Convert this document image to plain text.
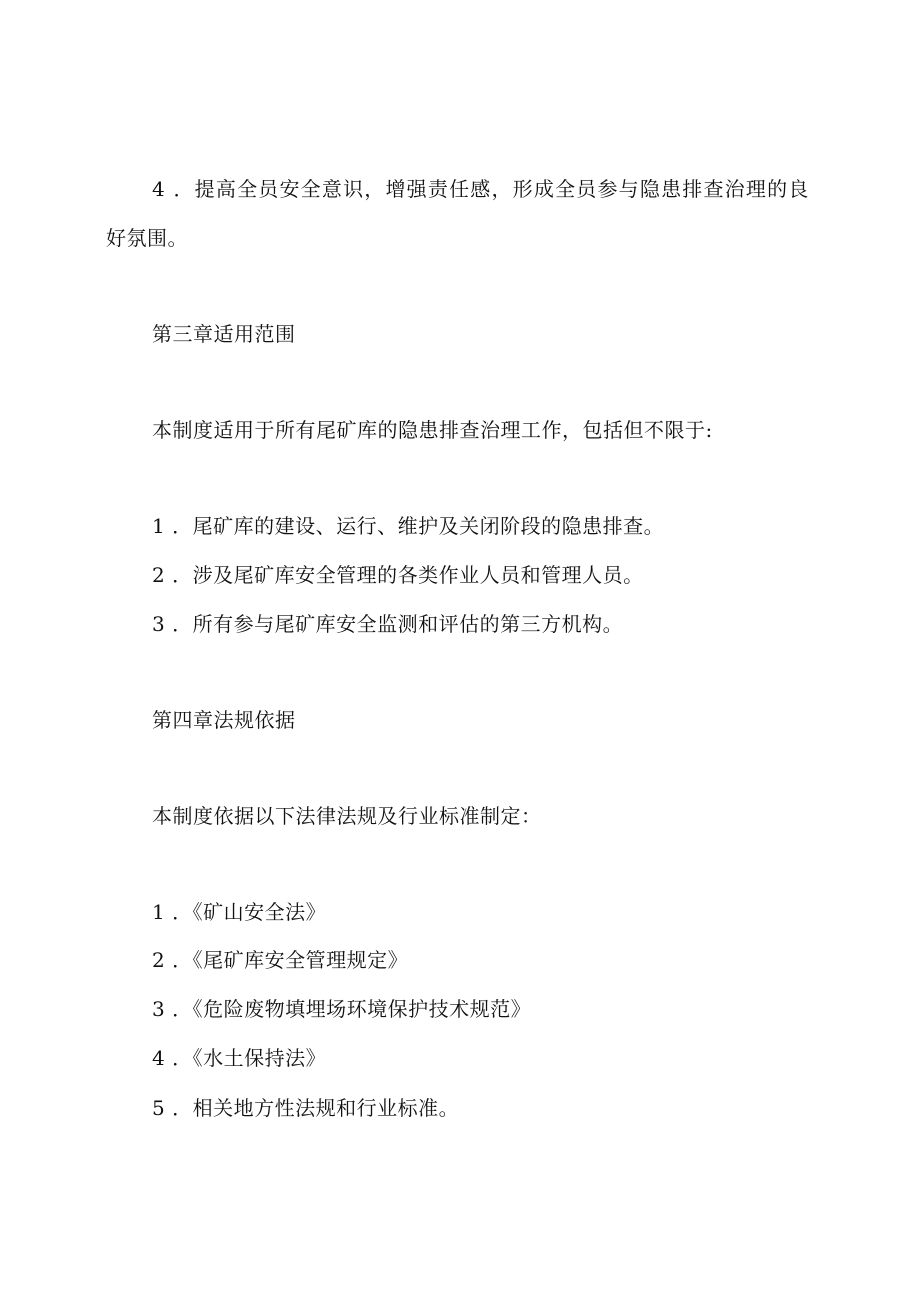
4 ．提高全员安全意识，增强责任感，形成全员参与隐患排查治理的良
好氛围。
第三章适用范围
本制度适用于所有尾矿库的隐患排查治理工作，包括但不限于:
1 ．尾矿库的建设、运行、维护及关闭阶段的隐患排查。
2 ．涉及尾矿库安全管理的各类作业人员和管理人员。
3 ．所有参与尾矿库安全监测和评估的第三方机构。
第四章法规依据
本制度依据以下法律法规及行业标准制定：
1 ．《矿山安全法》
2 ．《尾矿库安全管理规定》
3 ．《危险废物填埋场环境保护技术规范》
4 ．《水土保持法》
5 ．相关地方性法规和行业标准。
